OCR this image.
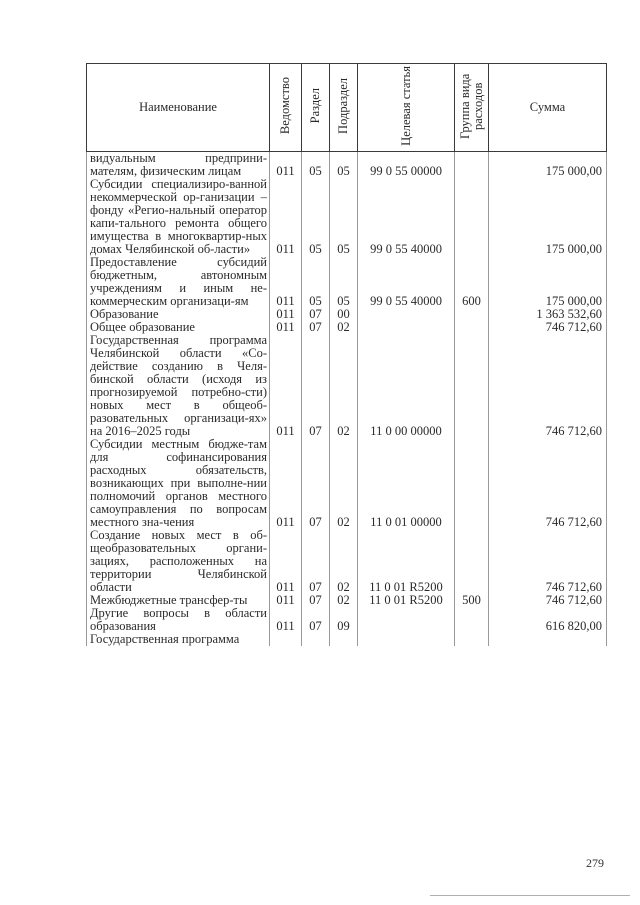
Наименование	Ведомство	Раздел	Подраздел	Целевая статья	Группа вида расходов	Сумма
видуальным предприни-мателям, физическим лицам	011	05	05	99 0 55 00000		175 000,00
Субсидии специализиро-ванной некоммерческой ор-ганизации – фонду «Регио-нальный оператор капи-тального ремонта общего имущества в многоквартир-ных домах Челябинской об-ласти»	011	05	05	99 0 55 40000		175 000,00
Предоставление субсидий бюджетным, автономным учреждениям и иным не-коммерческим организаци-ям	011	05	05	99 0 55 40000	600	175 000,00
Образование	011	07	00			1 363 532,60
Общее образование	011	07	02			746 712,60
Государственная программа Челябинской области «Со-действие созданию в Челя-бинской области (исходя из прогнозируемой потребно-сти) новых мест в общеоб-разовательных организаци-ях» на 2016–2025 годы	011	07	02	11 0 00 00000		746 712,60
Субсидии местным бюдже-там для софинансирования расходных обязательств, возникающих при выполне-нии полномочий органов местного самоуправления по вопросам местного зна-чения	011	07	02	11 0 01 00000		746 712,60
Создание новых мест в об-щеобразовательных органи-зациях, расположенных на территории Челябинской области	011	07	02	11 0 01 R5200		746 712,60
Межбюджетные трансфер-ты	011	07	02	11 0 01 R5200	500	746 712,60
Другие вопросы в области образования	011	07	09			616 820,00
Государственная программа						
279
